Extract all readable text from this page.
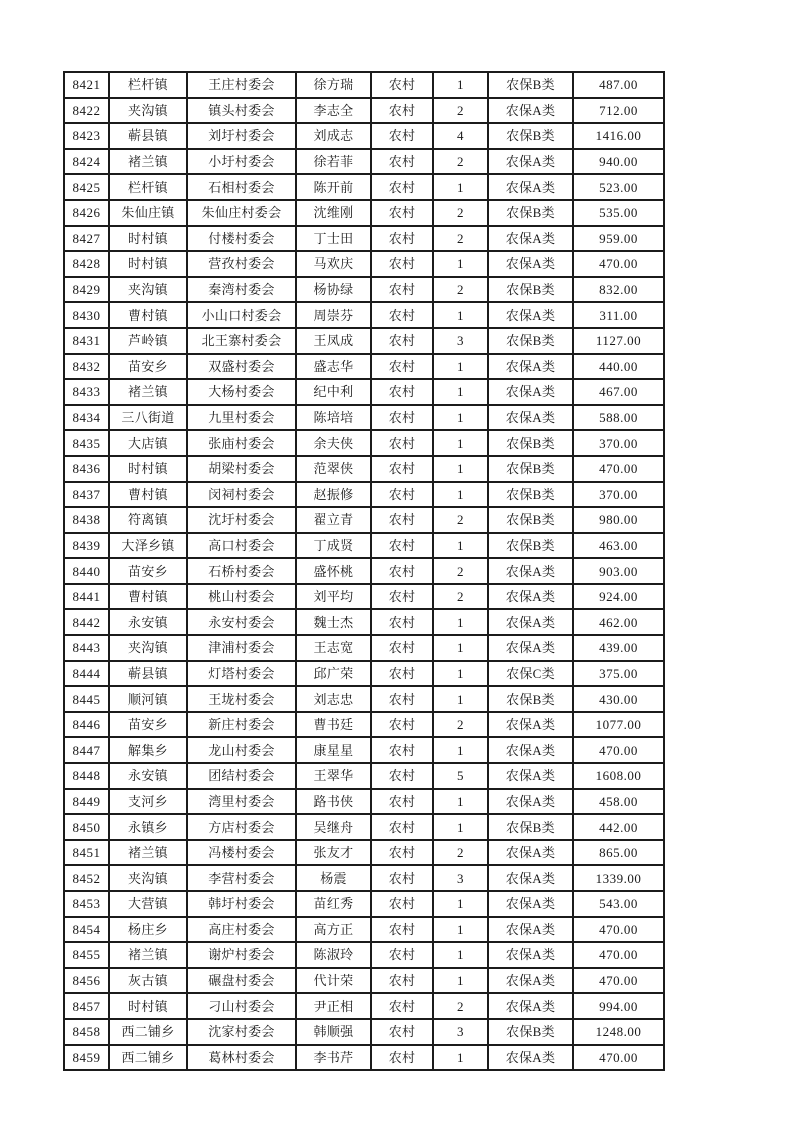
8421	栏杆镇	王庄村委会	徐方瑞	农村	1	农保B类	487.00
8422	夹沟镇	镇头村委会	李志全	农村	2	农保A类	712.00
8423	蕲县镇	刘圩村委会	刘成志	农村	4	农保B类	1416.00
8424	褚兰镇	小圩村委会	徐若菲	农村	2	农保A类	940.00
8425	栏杆镇	石相村委会	陈开前	农村	1	农保A类	523.00
8426	朱仙庄镇	朱仙庄村委会	沈维刚	农村	2	农保B类	535.00
8427	时村镇	付楼村委会	丁士田	农村	2	农保A类	959.00
8428	时村镇	营孜村委会	马欢庆	农村	1	农保A类	470.00
8429	夹沟镇	秦湾村委会	杨协绿	农村	2	农保B类	832.00
8430	曹村镇	小山口村委会	周崇芬	农村	1	农保A类	311.00
8431	芦岭镇	北王寨村委会	王凤成	农村	3	农保B类	1127.00
8432	苗安乡	双盛村委会	盛志华	农村	1	农保A类	440.00
8433	褚兰镇	大杨村委会	纪中利	农村	1	农保A类	467.00
8434	三八街道	九里村委会	陈培培	农村	1	农保A类	588.00
8435	大店镇	张庙村委会	余夫侠	农村	1	农保B类	370.00
8436	时村镇	胡梁村委会	范翠侠	农村	1	农保B类	470.00
8437	曹村镇	闵祠村委会	赵振修	农村	1	农保B类	370.00
8438	符离镇	沈圩村委会	翟立青	农村	2	农保B类	980.00
8439	大泽乡镇	高口村委会	丁成贤	农村	1	农保B类	463.00
8440	苗安乡	石桥村委会	盛怀桃	农村	2	农保A类	903.00
8441	曹村镇	桃山村委会	刘平均	农村	2	农保A类	924.00
8442	永安镇	永安村委会	魏士杰	农村	1	农保A类	462.00
8443	夹沟镇	津浦村委会	王志宽	农村	1	农保A类	439.00
8444	蕲县镇	灯塔村委会	邱广荣	农村	1	农保C类	375.00
8445	顺河镇	王垅村委会	刘志忠	农村	1	农保B类	430.00
8446	苗安乡	新庄村委会	曹书廷	农村	2	农保A类	1077.00
8447	解集乡	龙山村委会	康星星	农村	1	农保A类	470.00
8448	永安镇	团结村委会	王翠华	农村	5	农保A类	1608.00
8449	支河乡	湾里村委会	路书侠	农村	1	农保A类	458.00
8450	永镇乡	方店村委会	吴继舟	农村	1	农保B类	442.00
8451	褚兰镇	冯楼村委会	张友才	农村	2	农保A类	865.00
8452	夹沟镇	李营村委会	杨震	农村	3	农保A类	1339.00
8453	大营镇	韩圩村委会	苗红秀	农村	1	农保A类	543.00
8454	杨庄乡	高庄村委会	高方正	农村	1	农保A类	470.00
8455	褚兰镇	谢炉村委会	陈淑玲	农村	1	农保A类	470.00
8456	灰古镇	碾盘村委会	代计荣	农村	1	农保A类	470.00
8457	时村镇	刁山村委会	尹正相	农村	2	农保A类	994.00
8458	西二铺乡	沈家村委会	韩顺强	农村	3	农保B类	1248.00
8459	西二铺乡	葛林村委会	李书芹	农村	1	农保A类	470.00
